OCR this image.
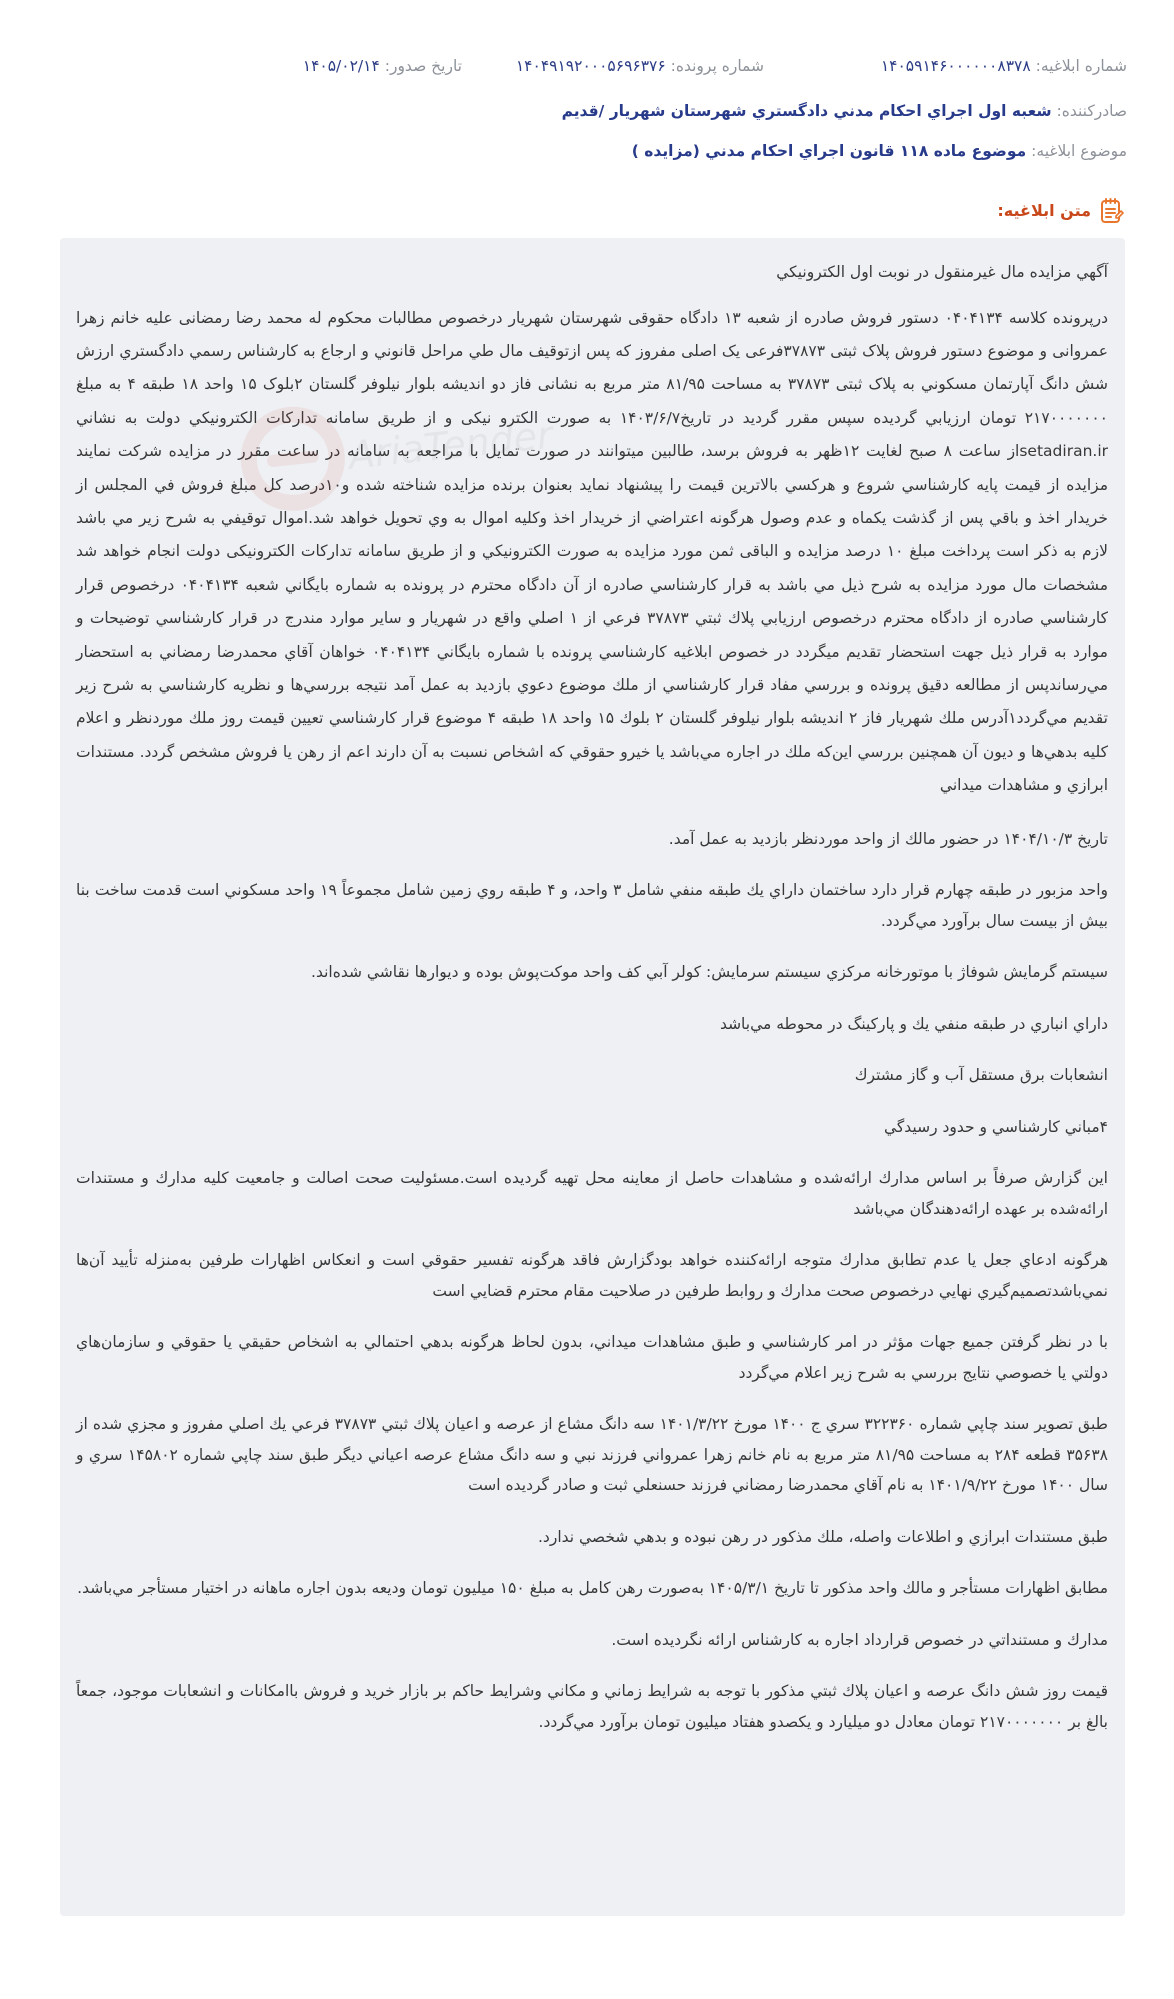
شماره ابلاغيه: ۱۴۰۵۹۱۴۶۰۰۰۰۰۰۸۳۷۸
شماره پرونده: ۱۴۰۴۹۱۹۲۰۰۰۵۶۹۶۳۷۶
تاريخ صدور: ۱۴۰۵/۰۲/۱۴
صادرکننده: شعبه اول اجراي احکام مدني دادگستري شهرستان شهريار /قديم
موضوع ابلاغيه: موضوع ماده ۱۱۸ قانون اجراي احکام مدني (مزايده )
متن ابلاغيه:

آگهي مزايده مال غيرمنقول در نوبت اول الکترونيکي

درپرونده کلاسه ۰۴۰۴۱۳۴ دستور فروش صادره از شعبه ۱۳ دادگاه حقوقی شهرستان شهریار درخصوص مطالبات محکوم له محمد رضا رمضانی علیه خانم زهرا عمروانی و موضوع دستور فروش پلاک ثبتی ۳۷۸۷۳فرعی یک اصلی مفروز که پس ازتوقیف مال طي مراحل قانوني و ارجاع به کارشناس رسمي دادگستري ارزش شش دانگ آپارتمان مسکوني به پلاک ثبتی ۳۷۸۷۳ به مساحت ۸۱/۹۵ متر مربع به نشانی فاز دو اندیشه بلوار نیلوفر گلستان ۲بلوک ۱۵ واحد ۱۸ طبقه ۴ به مبلغ ۲۱۷۰۰۰۰۰۰۰ تومان ارزيابي گرديده سپس مقرر گردید در تاريخ۱۴۰۳/۶/۷ به صورت الکترو نیکی و از طريق سامانه تدارکات الکترونيکي دولت به نشاني setadiran.irاز ساعت ۸ صبح لغايت ۱۲ظهر به فروش برسد، طالبين ميتوانند در صورت تمايل با مراجعه به سامانه در ساعت مقرر در مزايده شرکت نمايند مزايده از قيمت پايه کارشناسي شروع و هرکسي بالاترين قيمت را پيشنهاد نمايد بعنوان برنده مزايده شناخته شده و۱۰درصد کل مبلغ فروش في المجلس از خريدار اخذ و باقي پس از گذشت يکماه و عدم وصول هرگونه اعتراضي از خريدار اخذ وکليه اموال به وي تحويل خواهد شد.اموال توقيفي به شرح زير مي باشد لازم به ذکر است پرداخت مبلغ ۱۰ درصد مزايده و الباقی ثمن مورد مزايده به صورت الکترونيکي و از طريق سامانه تدارکات الکترونيکی دولت انجام خواهد شد مشخصات مال مورد مزايده به شرح ذيل مي باشد به قرار کارشناسي صادره از آن دادگاه محترم در پرونده به شماره بايگاني شعبه ۰۴۰۴۱۳۴ درخصوص قرار کارشناسي صادره از دادگاه محترم درخصوص ارزيابي پلاك ثبتي ۳۷۸۷۳ فرعي از ۱ اصلي واقع در شهريار و ساير موارد مندرج در قرار كارشناسي توضيحات و موارد به قرار ذيل جهت استحضار تقديم ميگردد در خصوص ابلاغيه كارشناسي پرونده با شماره بايگاني ۰۴۰۴۱۳۴ خواهان آقاي محمدرضا رمضاني به استحضار مي‌رساندپس از مطالعه دقيق پرونده و بررسي مفاد قرار كارشناسي از ملك موضوع دعوي بازديد به عمل آمد نتيجه بررسي‌ها و نظريه كارشناسي به شرح زير تقديم مي‌گردد۱آدرس ملك شهريار فاز ۲ انديشه بلوار نيلوفر گلستان ۲ بلوك ۱۵ واحد ۱۸ طبقه ۴ موضوع قرار كارشناسي تعيين قيمت روز ملك موردنظر و اعلام كليه بدهي‌ها و ديون آن همچنين بررسي اين‌كه ملك در اجاره مي‌باشد يا خيرو حقوقي كه اشخاص نسبت به آن دارند اعم از رهن يا فروش مشخص گردد. مستندات ابرازي و مشاهدات ميداني

تاريخ ۱۴۰۴/۱۰/۳ در حضور مالك از واحد موردنظر بازديد به عمل آمد.

واحد مزبور در طبقه چهارم قرار دارد ساختمان داراي يك طبقه منفي شامل ۳ واحد، و ۴ طبقه روي زمين شامل مجموعاً ۱۹ واحد مسكوني است قدمت ساخت بنا بيش از بيست سال برآورد مي‌گردد.

سيستم گرمايش شوفاژ با موتورخانه مركزي سيستم سرمايش: كولر آبي كف واحد موكت‌پوش بوده و ديوارها نقاشي شده‌اند.

داراي انباري در طبقه منفي يك و پاركينگ در محوطه مي‌باشد

انشعابات برق مستقل آب و گاز مشترك

۴مباني كارشناسي و حدود رسيدگي

اين گزارش صرفاً بر اساس مدارك ارائه‌شده و مشاهدات حاصل از معاينه محل تهيه گرديده است.مسئوليت صحت اصالت و جامعيت كليه مدارك و مستندات ارائه‌شده بر عهده ارائه‌دهندگان مي‌باشد

هرگونه ادعاي جعل يا عدم تطابق مدارك متوجه ارائه‌كننده خواهد بودگزارش فاقد هرگونه تفسير حقوقي است و انعكاس اظهارات طرفين به‌منزله تأييد آن‌ها نمي‌باشدتصميم‌گيري نهايي درخصوص صحت مدارك و روابط طرفين در صلاحيت مقام محترم قضايي است

با در نظر گرفتن جميع جهات مؤثر در امر كارشناسي و طبق مشاهدات ميداني، بدون لحاظ هرگونه بدهي احتمالي به اشخاص حقيقي يا حقوقي و سازمان‌هاي دولتي يا خصوصي نتايج بررسي به شرح زير اعلام مي‌گردد

طبق تصوير سند چاپي شماره ۳۲۲۳۶۰ سري ج ۱۴۰۰ مورخ ۱۴۰۱/۳/۲۲ سه دانگ مشاع از عرصه و اعيان پلاك ثبتي ۳۷۸۷۳ فرعي يك اصلي مفروز و مجزي شده از ۳۵۶۳۸ قطعه ۲۸۴ به مساحت ۸۱/۹۵ متر مربع به نام خانم زهرا عمرواني فرزند نبي و سه دانگ مشاع عرصه اعياني ديگر طبق سند چاپي شماره ۱۴۵۸۰۲ سري و سال ۱۴۰۰ مورخ ۱۴۰۱/۹/۲۲ به نام آقاي محمدرضا رمضاني فرزند حسنعلي ثبت و صادر گرديده است

طبق مستندات ابرازي و اطلاعات واصله، ملك مذكور در رهن نبوده و بدهي شخصي ندارد.

مطابق اظهارات مستأجر و مالك واحد مذكور تا تاريخ ۱۴۰۵/۳/۱ به‌صورت رهن كامل به مبلغ ۱۵۰ ميليون تومان وديعه بدون اجاره ماهانه در اختيار مستأجر مي‌باشد.

مدارك و مستنداتي در خصوص قرارداد اجاره به كارشناس ارائه نگرديده است.

قيمت روز شش دانگ عرصه و اعيان پلاك ثبتي مذكور با توجه به شرايط زماني و مكاني وشرايط حاكم بر بازار خريد و فروش باامكانات و انشعابات موجود، جمعاً بالغ بر ۲۱۷۰۰۰۰۰۰۰ تومان معادل دو ميليارد و يكصدو هفتاد ميليون تومان برآورد مي‌گردد.
